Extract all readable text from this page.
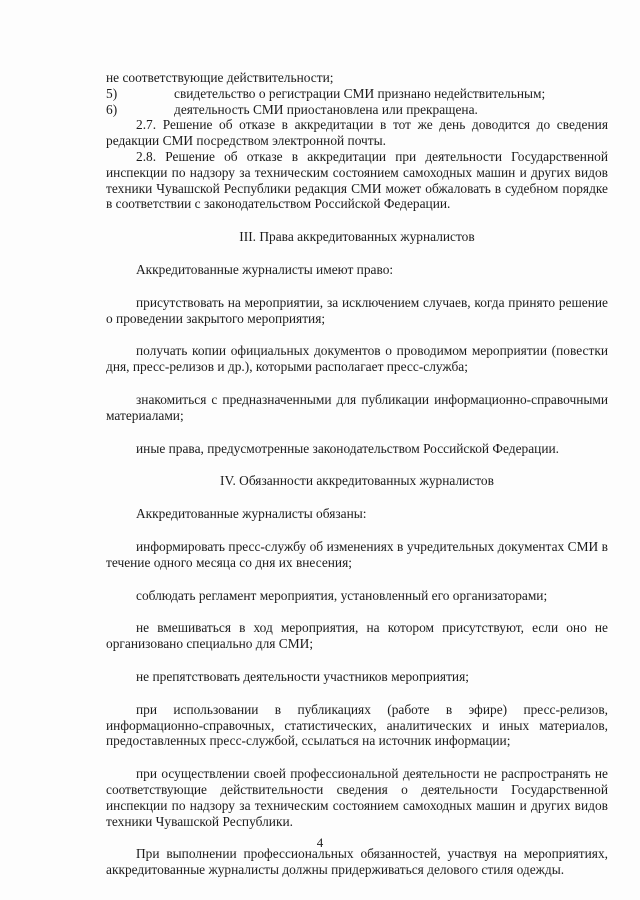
не соответствующие действительности;

5)	свидетельство о регистрации СМИ признано недействительным;
6)	деятельность СМИ приостановлена или прекращена.

2.7. Решение об отказе в аккредитации в тот же день доводится до сведения редакции СМИ посредством электронной почты.

2.8. Решение об отказе в аккредитации при деятельности Государственной инспекции по надзору за техническим состоянием самоходных машин и других видов техники Чувашской Республики редакция СМИ может обжаловать в судебном порядке в соответствии с законодательством Российской Федерации.

III. Права аккредитованных журналистов

Аккредитованные журналисты имеют право:

присутствовать на мероприятии, за исключением случаев, когда принято решение о проведении закрытого мероприятия;

получать копии официальных документов о проводимом мероприятии (повестки дня, пресс-релизов и др.), которыми располагает пресс-служба;

знакомиться с предназначенными для публикации информационно-справочными материалами;

иные права, предусмотренные законодательством Российской Федерации.

IV. Обязанности аккредитованных журналистов

Аккредитованные журналисты обязаны:

информировать пресс-службу об изменениях в учредительных документах СМИ в течение одного месяца со дня их внесения;

соблюдать регламент мероприятия, установленный его организаторами;

не вмешиваться в ход мероприятия, на котором присутствуют, если оно не организовано специально для СМИ;

не препятствовать деятельности участников мероприятия;

при использовании в публикациях (работе в эфире) пресс-релизов, информационно-справочных, статистических, аналитических и иных материалов, предоставленных пресс-службой, ссылаться на источник информации;

при осуществлении своей профессиональной деятельности не распространять не соответствующие действительности сведения о деятельности Государственной инспекции по надзору за техническим состоянием самоходных машин и других видов техники Чувашской Республики.

При выполнении профессиональных обязанностей, участвуя на мероприятиях, аккредитованные журналисты должны придерживаться делового стиля одежды.

4
